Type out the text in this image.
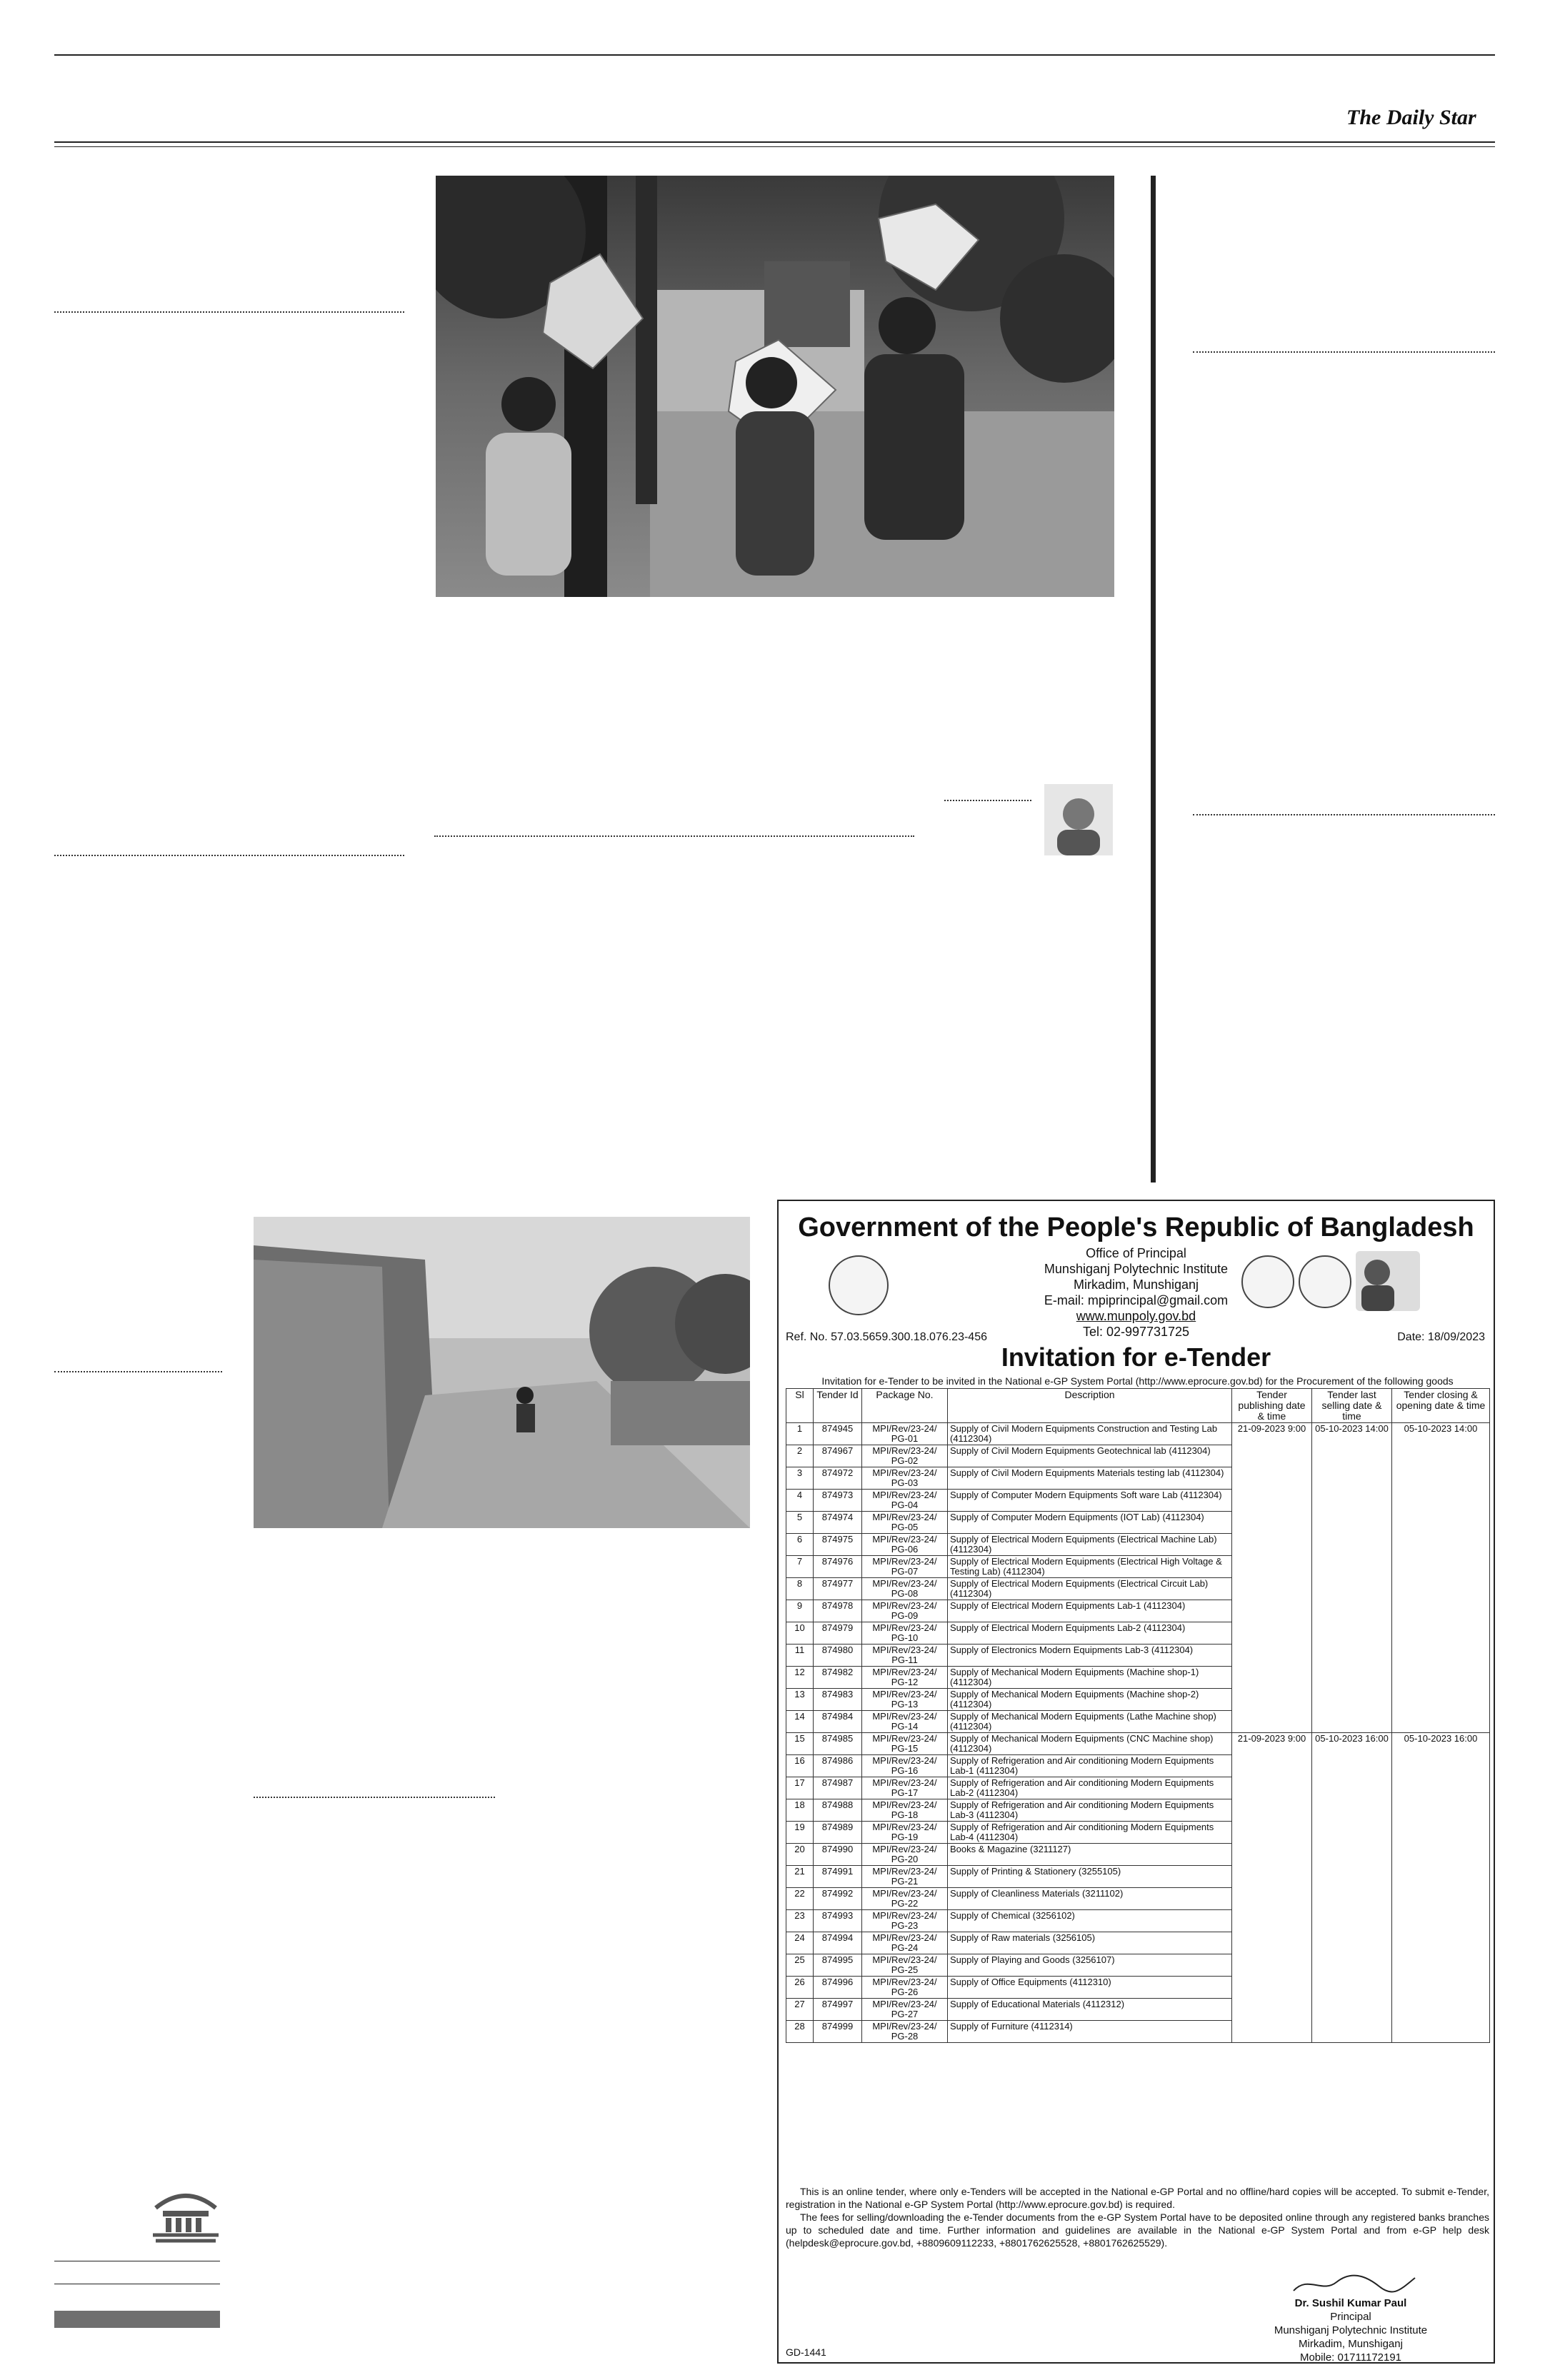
The Daily Star
Government of the People's Republic of Bangladesh
Office of Principal
Munshiganj Polytechnic Institute
Mirkadim, Munshiganj
E-mail: mpiprincipal@gmail.com
www.munpoly.gov.bd
Tel: 02-997731725
Ref. No. 57.03.5659.300.18.076.23-456	Date: 18/09/2023
Invitation for e-Tender
Invitation for e-Tender to be invited in the National e-GP System Portal (http://www.eprocure.gov.bd) for the Procurement of the following goods
Sl	Tender Id	Package No.	Description	Tender publishing date & time	Tender last selling date & time	Tender closing & opening date & time
1	874945	MPI/Rev/23-24/ PG-01	Supply of Civil Modern Equipments Construction and Testing Lab (4112304)	21-09-2023 9:00	05-10-2023 14:00	05-10-2023 14:00
2	874967	MPI/Rev/23-24/ PG-02	Supply of Civil Modern Equipments Geotechnical lab (4112304)			
3	874972	MPI/Rev/23-24/ PG-03	Supply of Civil Modern Equipments Materials testing lab (4112304)			
4	874973	MPI/Rev/23-24/ PG-04	Supply of Computer Modern Equipments Soft ware Lab (4112304)			
5	874974	MPI/Rev/23-24/ PG-05	Supply of Computer Modern Equipments (IOT Lab) (4112304)			
6	874975	MPI/Rev/23-24/ PG-06	Supply of Electrical Modern Equipments (Electrical Machine Lab) (4112304)			
7	874976	MPI/Rev/23-24/ PG-07	Supply of Electrical Modern Equipments (Electrical High Voltage & Testing Lab) (4112304)			
8	874977	MPI/Rev/23-24/ PG-08	Supply of Electrical Modern Equipments (Electrical Circuit Lab) (4112304)			
9	874978	MPI/Rev/23-24/ PG-09	Supply of Electrical Modern Equipments Lab-1 (4112304)			
10	874979	MPI/Rev/23-24/ PG-10	Supply of Electrical Modern Equipments Lab-2 (4112304)			
11	874980	MPI/Rev/23-24/ PG-11	Supply of Electronics Modern Equipments Lab-3 (4112304)			
12	874982	MPI/Rev/23-24/ PG-12	Supply of Mechanical Modern Equipments (Machine shop-1) (4112304)			
13	874983	MPI/Rev/23-24/ PG-13	Supply of Mechanical Modern Equipments (Machine shop-2) (4112304)			
14	874984	MPI/Rev/23-24/ PG-14	Supply of Mechanical Modern Equipments (Lathe Machine shop) (4112304)			
15	874985	MPI/Rev/23-24/ PG-15	Supply of Mechanical Modern Equipments (CNC Machine shop) (4112304)	21-09-2023 9:00	05-10-2023 16:00	05-10-2023 16:00
16	874986	MPI/Rev/23-24/ PG-16	Supply of Refrigeration and Air conditioning Modern Equipments Lab-1 (4112304)			
17	874987	MPI/Rev/23-24/ PG-17	Supply of Refrigeration and Air conditioning Modern Equipments Lab-2 (4112304)			
18	874988	MPI/Rev/23-24/ PG-18	Supply of Refrigeration and Air conditioning Modern Equipments Lab-3 (4112304)			
19	874989	MPI/Rev/23-24/ PG-19	Supply of Refrigeration and Air conditioning Modern Equipments Lab-4 (4112304)			
20	874990	MPI/Rev/23-24/ PG-20	Books & Magazine (3211127)			
21	874991	MPI/Rev/23-24/ PG-21	Supply of Printing & Stationery (3255105)			
22	874992	MPI/Rev/23-24/ PG-22	Supply of Cleanliness Materials (3211102)			
23	874993	MPI/Rev/23-24/ PG-23	Supply of Chemical (3256102)			
24	874994	MPI/Rev/23-24/ PG-24	Supply of Raw materials (3256105)			
25	874995	MPI/Rev/23-24/ PG-25	Supply of Playing and Goods (3256107)			
26	874996	MPI/Rev/23-24/ PG-26	Supply of Office Equipments (4112310)			
27	874997	MPI/Rev/23-24/ PG-27	Supply of Educational Materials (4112312)			
28	874999	MPI/Rev/23-24/ PG-28	Supply of Furniture (4112314)			
This is an online tender, where only e-Tenders will be accepted in the National e-GP Portal and no offline/hard copies will be accepted. To submit e-Tender, registration in the National e-GP System Portal (http://www.eprocure.gov.bd) is required.
The fees for selling/downloading the e-Tender documents from the e-GP System Portal have to be deposited online through any registered banks branches up to scheduled date and time. Further information and guidelines are available in the National e-GP System Portal and from e-GP help desk (helpdesk@eprocure.gov.bd, +8809609112233, +8801762625528, +8801762625529).
Dr. Sushil Kumar Paul
Principal
Munshiganj Polytechnic Institute
Mirkadim, Munshiganj
Mobile: 01711172191
GD-1441
